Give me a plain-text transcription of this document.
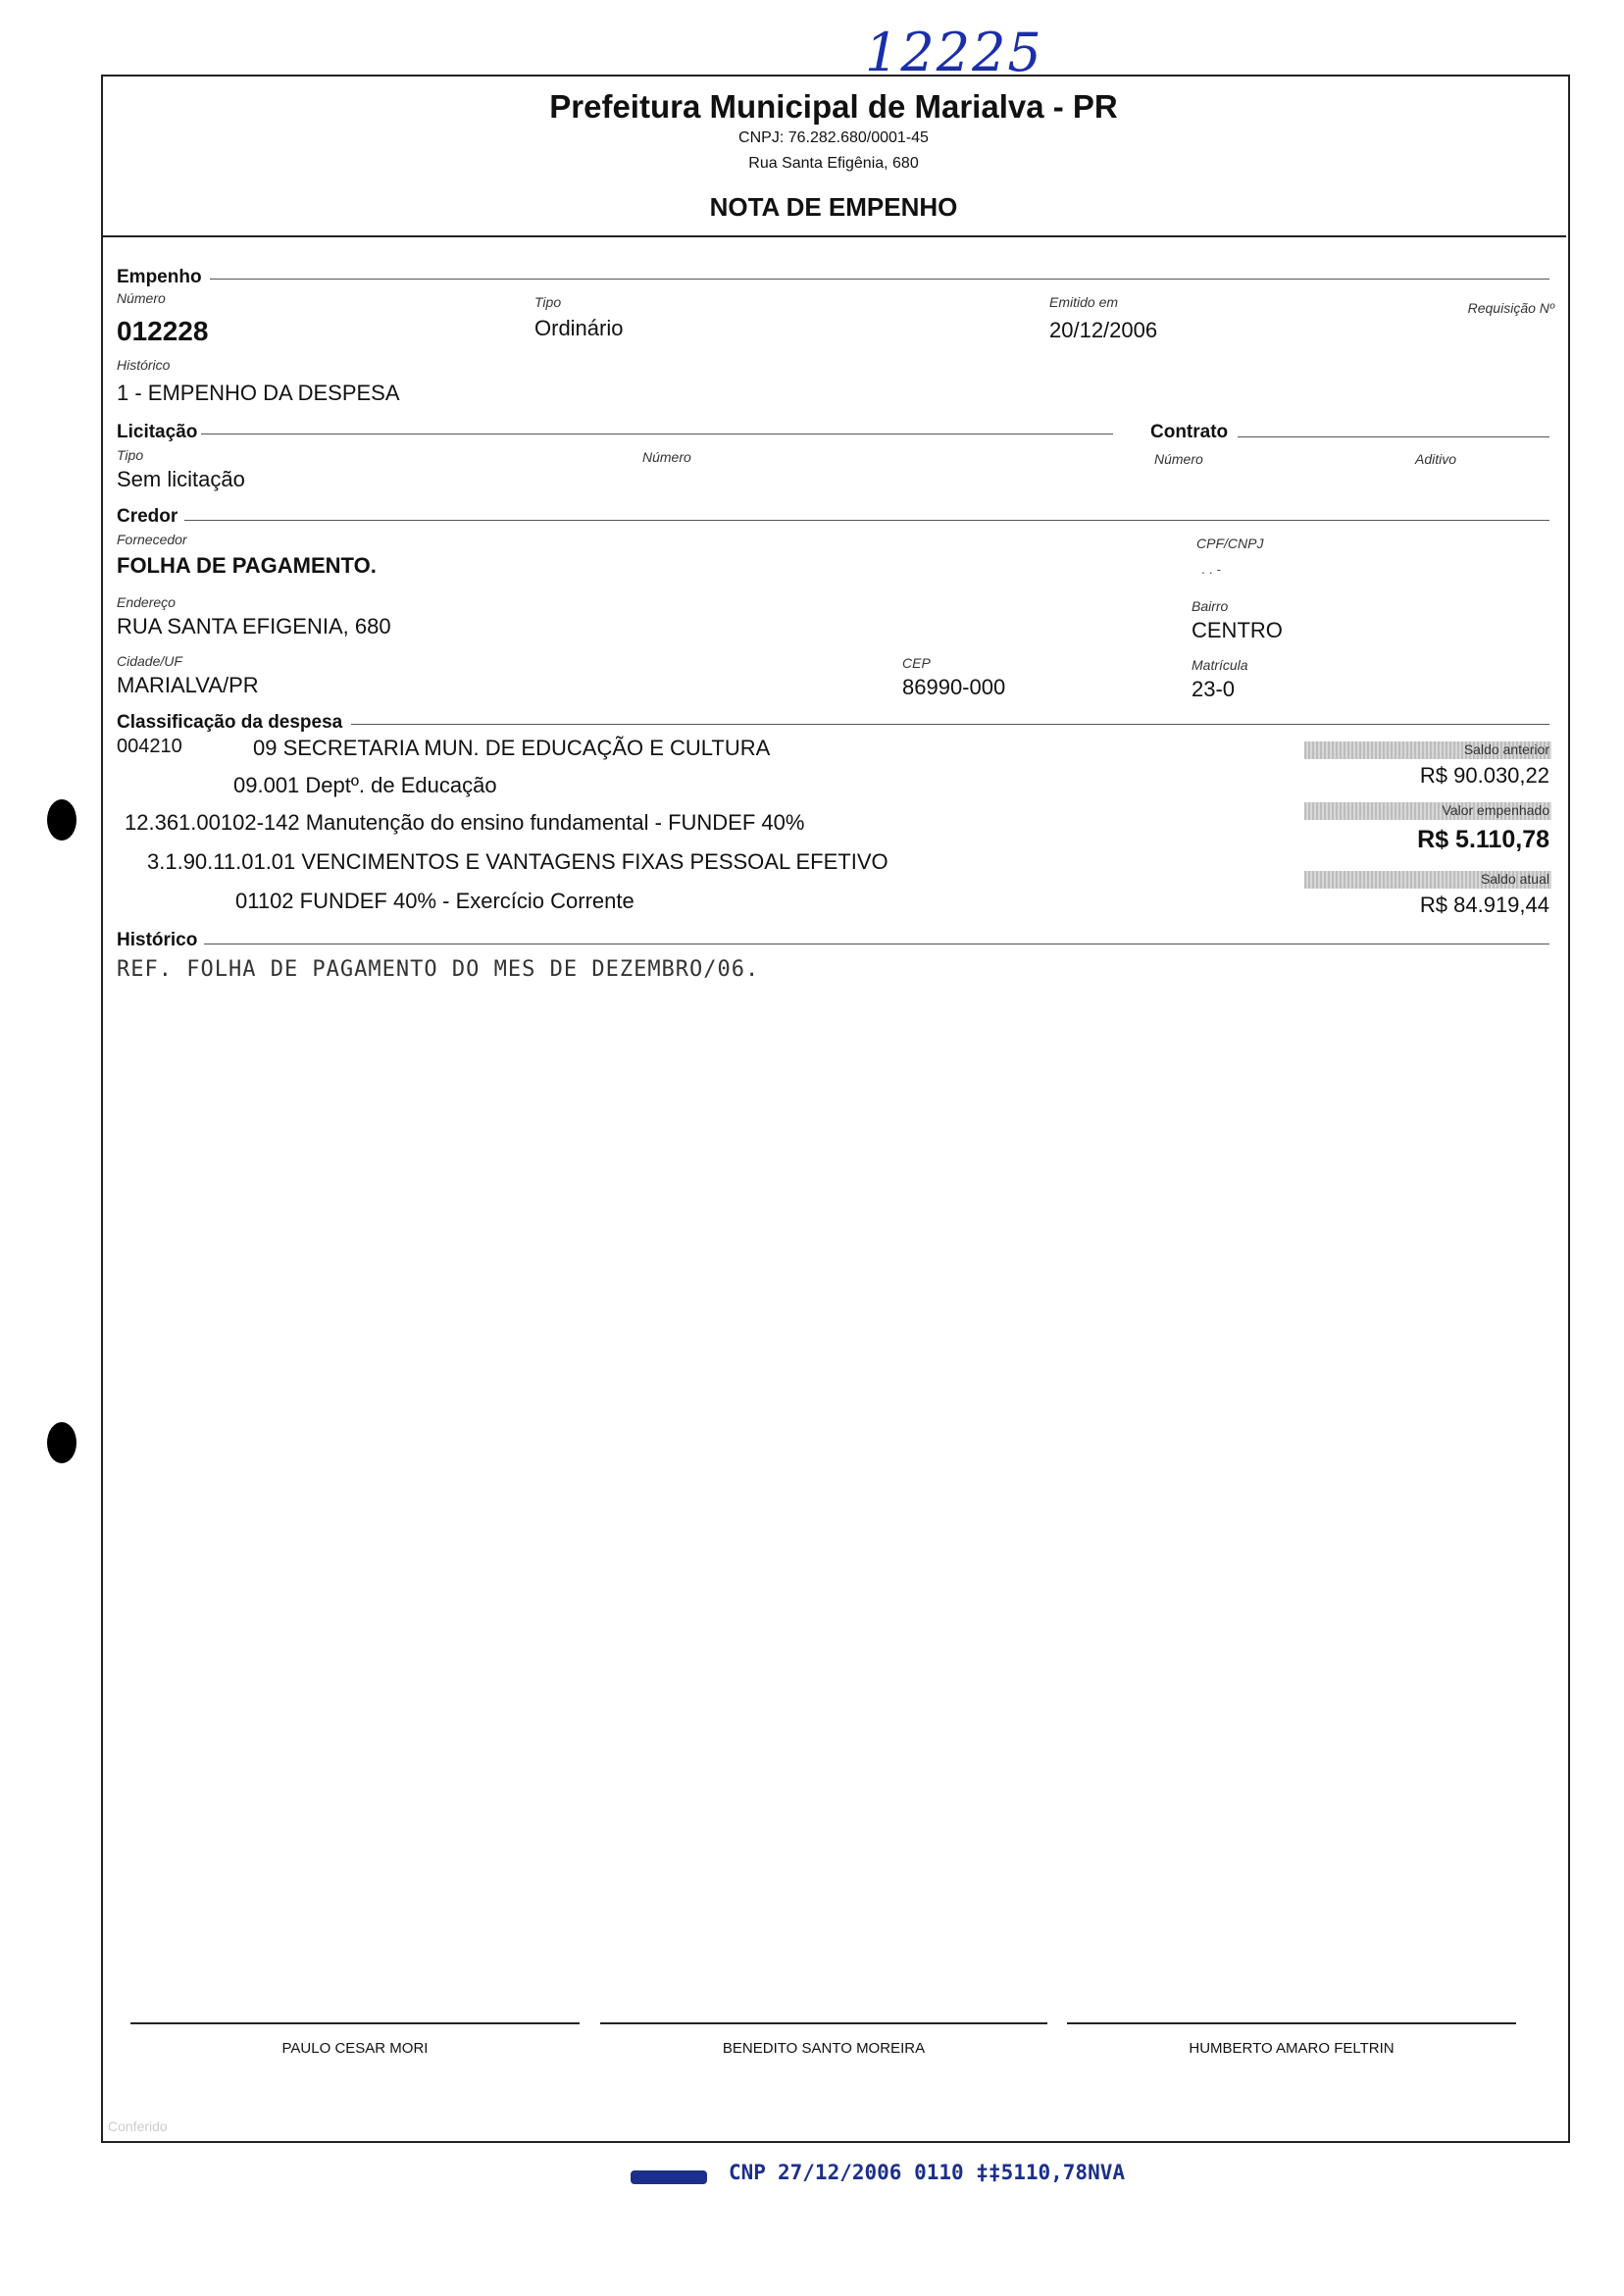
12225
Prefeitura Municipal de Marialva - PR
CNPJ: 76.282.680/0001-45
Rua Santa Efigênia, 680
NOTA DE EMPENHO
Empenho
Número
012228
Tipo
Ordinário
Emitido em
20/12/2006
Requisição Nº
Histórico
1 - EMPENHO DA DESPESA
Licitação	Contrato
Tipo
Sem licitação
Número	Número	Aditivo
Credor
Fornecedor
FOLHA DE PAGAMENTO.
CPF/CNPJ
. . -
Endereço
RUA SANTA EFIGENIA, 680
Bairro
CENTRO
Cidade/UF
MARIALVA/PR
CEP
86990-000
Matrícula
23-0
Classificação da despesa
004210	09 SECRETARIA MUN. DE EDUCAÇÃO E CULTURA
09.001 Deptº. de Educação
12.361.00102-142 Manutenção do ensino fundamental - FUNDEF 40%
3.1.90.11.01.01 VENCIMENTOS E VANTAGENS FIXAS PESSOAL EFETIVO
01102 FUNDEF 40% - Exercício Corrente
Saldo anterior
R$ 90.030,22
Valor empenhado
R$ 5.110,78
Saldo atual
R$ 84.919,44
Histórico
REF. FOLHA DE PAGAMENTO DO MES DE DEZEMBRO/06.
PAULO CESAR MORI	BENEDITO SANTO MOREIRA	HUMBERTO AMARO FELTRIN
Conferido
CNP 27/12/2006 0110 ‡‡5110,78NVA
